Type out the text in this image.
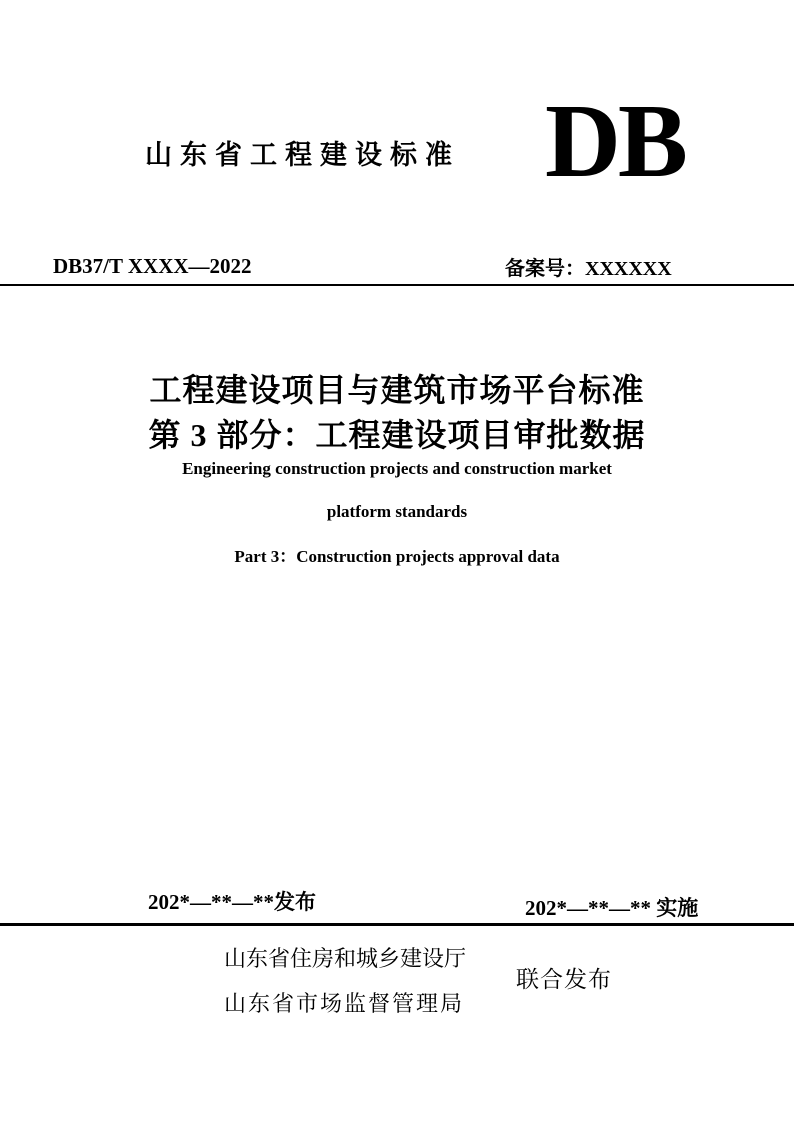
山东省工程建设标准 DB
DB37/T XXXX—2022	备案号：XXXXXX
工程建设项目与建筑市场平台标准
第 3 部分：工程建设项目审批数据
Engineering construction projects and construction market
platform standards
Part 3：Construction projects approval data
202*—**—**发布	202*—**—** 实施
山东省住房和城乡建设厅
山东省市场监督管理局
联合发布
